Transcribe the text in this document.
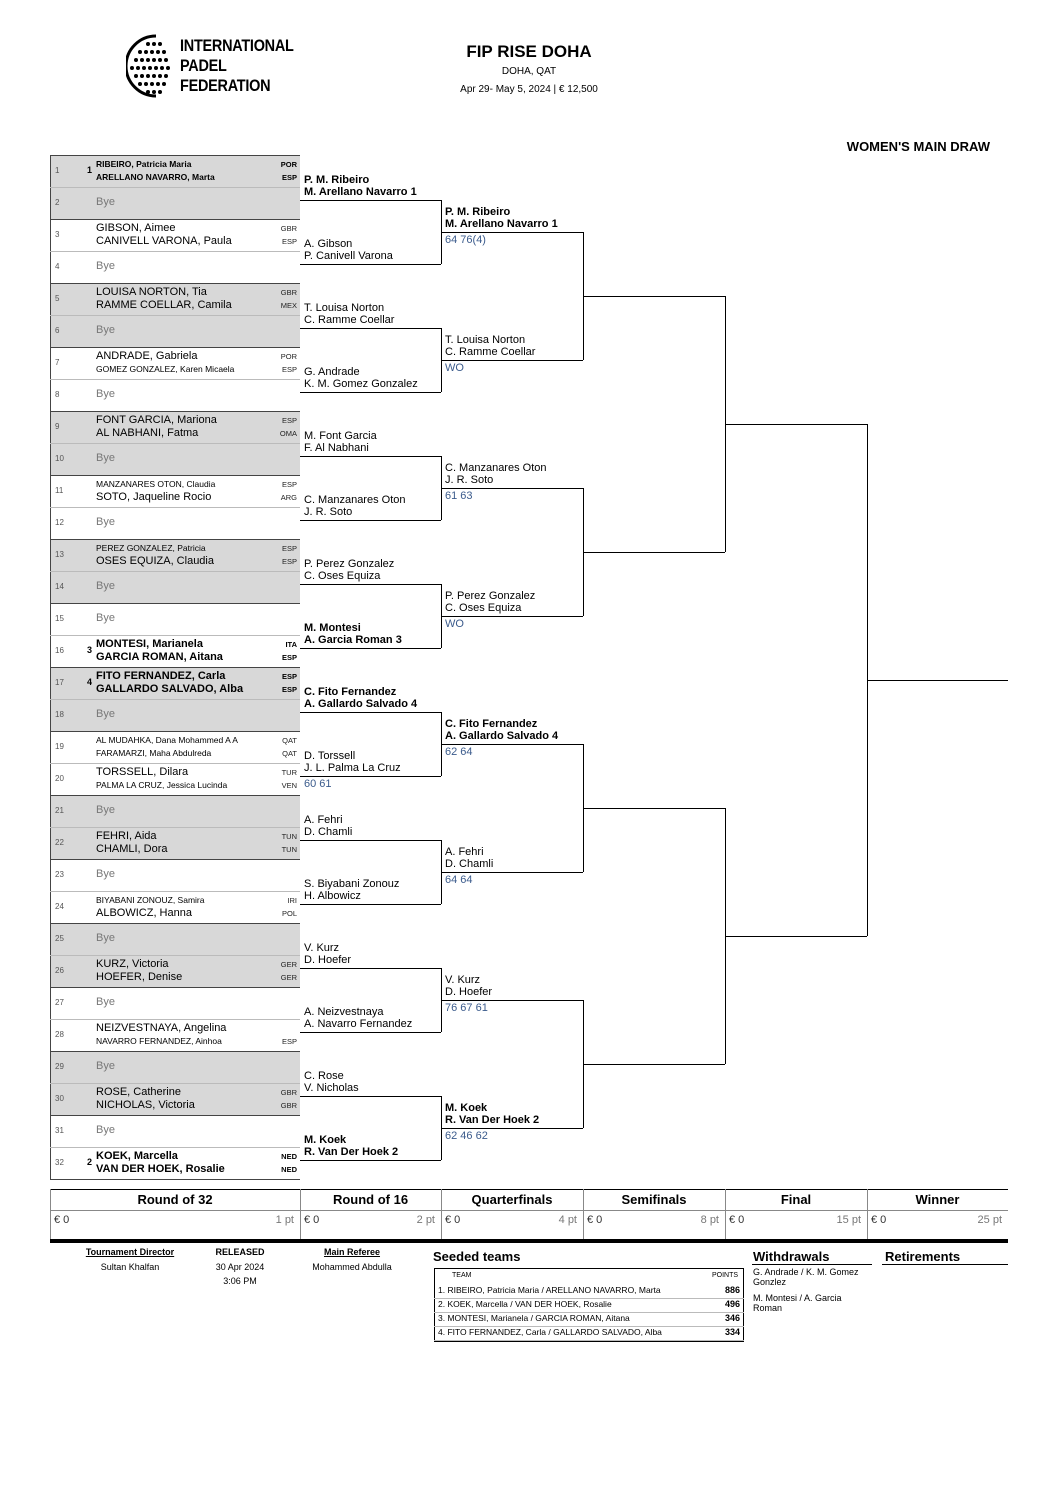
INTERNATIONAL
PADEL
FEDERATION
FIP RISE DOHA
DOHA, QAT
Apr 29- May 5, 2024 | € 12,500
WOMEN'S MAIN DRAW
1	1
RIBEIRO, Patricia Maria
ARELLANO NAVARRO, Marta
POR
ESP
2	Bye
3
GIBSON, Aimee
CANIVELL VARONA, Paula
GBR
ESP
4	Bye
5
LOUISA NORTON, Tia
RAMME COELLAR, Camila
GBR
MEX
6	Bye
7
ANDRADE, Gabriela
GOMEZ GONZALEZ, Karen Micaela
POR
ESP
8	Bye
9
FONT GARCIA, Mariona
AL NABHANI, Fatma
ESP
OMA
10	Bye
11
MANZANARES OTON, Claudia
SOTO, Jaqueline Rocio
ESP
ARG
12	Bye
13
PEREZ GONZALEZ, Patricia
OSES EQUIZA, Claudia
ESP
ESP
14	Bye
15	Bye
16	3 MONTESI, Marianela
GARCIA ROMAN, Aitana
ITA
ESP
17	4 FITO FERNANDEZ, Carla
GALLARDO SALVADO, Alba
ESP
ESP
18	Bye
19
AL MUDAHKA, Dana Mohammed A A
FARAMARZI, Maha Abdulreda
QAT
QAT
20
TORSSELL, Dilara
PALMA LA CRUZ, Jessica Lucinda
TUR
VEN
21	Bye
22
FEHRI, Aida
CHAMLI, Dora
TUN
TUN
23	Bye
24
BIYABANI ZONOUZ, Samira
ALBOWICZ, Hanna
IRI
POL
25	Bye
26
KURZ, Victoria
HOEFER, Denise
GER
GER
27	Bye
28
NEIZVESTNAYA, Angelina
NAVARRO FERNANDEZ, Ainhoa	ESP
29	Bye
30
ROSE, Catherine
NICHOLAS, Victoria
GBR
GBR
31	Bye
32	2 KOEK, Marcella
VAN DER HOEK, Rosalie
NED
NED
P. M. Ribeiro
M. Arellano Navarro 1
A. Gibson
P. Canivell Varona
T. Louisa Norton
C. Ramme Coellar
G. Andrade
K. M. Gomez Gonzalez
M. Font Garcia
F. Al Nabhani
C. Manzanares Oton
J. R. Soto
P. Perez Gonzalez
C. Oses Equiza
M. Montesi
A. Garcia Roman 3
C. Fito Fernandez
A. Gallardo Salvado 4
D. Torssell
J. L. Palma La Cruz
60 61
A. Fehri
D. Chamli
S. Biyabani Zonouz
H. Albowicz
V. Kurz
D. Hoefer
A. Neizvestnaya
A. Navarro Fernandez
C. Rose
V. Nicholas
M. Koek
R. Van Der Hoek 2
P. M. Ribeiro
M. Arellano Navarro 1
64 76(4)
T. Louisa Norton
C. Ramme Coellar
WO
C. Manzanares Oton
J. R. Soto
61 63
P. Perez Gonzalez
C. Oses Equiza
WO
C. Fito Fernandez
A. Gallardo Salvado 4
62 64
A. Fehri
D. Chamli
64 64
V. Kurz
D. Hoefer
76 67 61
M. Koek
R. Van Der Hoek 2
62 46 62
Round of 32
€ 0	1 pt
Round of 16
€ 0	2 pt
Quarterfinals
€ 0	4 pt
Semifinals
€ 0	8 pt
Final
€ 0	15 pt
Winner
€ 0	25 pt
Tournament Director
Sultan Khalfan
RELEASED
30 Apr 2024
3:06 PM
Main Referee
Mohammed Abdulla
Seeded teams
TEAM	POINTS
1. RIBEIRO, Patricia Maria / ARELLANO NAVARRO, Marta	886
2. KOEK, Marcella / VAN DER HOEK, Rosalie	496
3. MONTESI, Marianela / GARCIA ROMAN, Aitana	346
4. FITO FERNANDEZ, Carla / GALLARDO SALVADO, Alba	334
Withdrawals
G. Andrade / K. M. Gomez Gonzlez
M. Montesi / A. Garcia Roman
Retirements
